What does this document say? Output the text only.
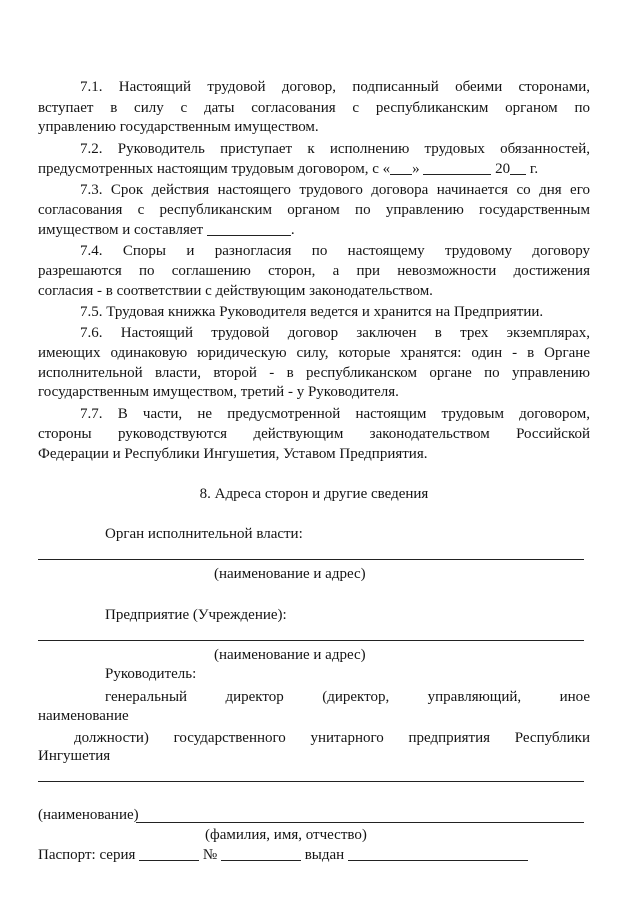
7.1. Настоящий трудовой договор, подписанный обеими сторонами,
вступает в силу с даты согласования с республиканским органом по
управлению государственным имуществом.
7.2. Руководитель приступает к исполнению трудовых обязанностей,
предусмотренных настоящим трудовым договором, с « »	20 г.
7.3. Срок действия настоящего трудового договора начинается со дня его
согласования с республиканским органом по управлению государственным
имуществом и составляет	.
7.4. Споры и разногласия по настоящему трудовому договору
разрешаются по соглашению сторон, а при невозможности достижения
согласия - в соответствии с действующим законодательством.
7.5. Трудовая книжка Руководителя ведется и хранится на Предприятии.
7.6. Настоящий трудовой договор заключен в трех экземплярах,
имеющих одинаковую юридическую силу, которые хранятся: один - в Органе
исполнительной власти, второй - в республиканском органе по управлению
государственным имуществом, третий - у Руководителя.
7.7. В части, не предусмотренной настоящим трудовым договором,
стороны руководствуются действующим законодательством Российской
Федерации и Республики Ингушетия, Уставом Предприятия.
8. Адреса сторон и другие сведения
Орган исполнительной власти:
(наименование и адрес)
Предприятие (Учреждение):
(наименование и адрес)
Руководитель:
генеральный директор (директор, управляющий, иное
наименование
должности) государственного унитарного предприятия Республики
Ингушетия
(наименование)
(фамилия, имя, отчество)
Паспорт: серия	№	выдан
